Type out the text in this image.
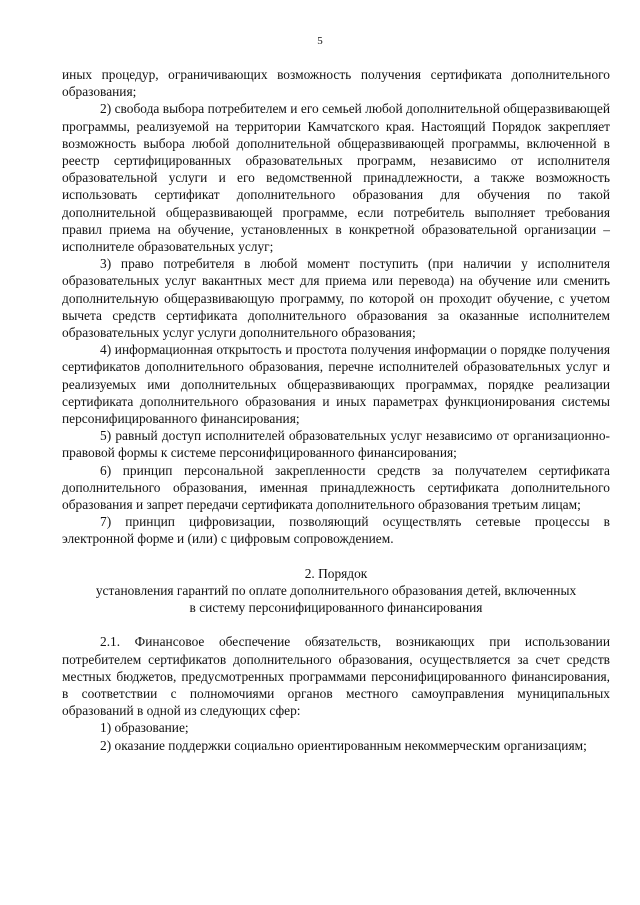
5

иных процедур, ограничивающих возможность получения сертификата дополнительного образования;

2) свобода выбора потребителем и его семьей любой дополнительной общеразвивающей программы, реализуемой на территории Камчатского края. Настоящий Порядок закрепляет возможность выбора любой дополнительной общеразвивающей программы, включенной в реестр сертифицированных образовательных программ, независимо от исполнителя образовательной услуги и его ведомственной принадлежности, а также возможность использовать сертификат дополнительного образования для обучения по такой дополнительной общеразвивающей программе, если потребитель выполняет требования правил приема на обучение, установленных в конкретной образовательной организации – исполнителе образовательных услуг;

3) право потребителя в любой момент поступить (при наличии у исполнителя образовательных услуг вакантных мест для приема или перевода) на обучение или сменить дополнительную общеразвивающую программу, по которой он проходит обучение, с учетом вычета средств сертификата дополнительного образования за оказанные исполнителем образовательных услуг услуги дополнительного образования;

4) информационная открытость и простота получения информации о порядке получения сертификатов дополнительного образования, перечне исполнителей образовательных услуг и реализуемых ими дополнительных общеразвивающих программах, порядке реализации сертификата дополнительного образования и иных параметрах функционирования системы персонифицированного финансирования;

5) равный доступ исполнителей образовательных услуг независимо от организационно-правовой формы к системе персонифицированного финансирования;

6) принцип персональной закрепленности средств за получателем сертификата дополнительного образования, именная принадлежность сертификата дополнительного образования и запрет передачи сертификата дополнительного образования третьим лицам;

7) принцип цифровизации, позволяющий осуществлять сетевые процессы в электронной форме и (или) с цифровым сопровождением.

2. Порядок

установления гарантий по оплате дополнительного образования детей, включенных

в систему персонифицированного финансирования

2.1. Финансовое обеспечение обязательств, возникающих при использовании потребителем сертификатов дополнительного образования, осуществляется за счет средств местных бюджетов, предусмотренных программами персонифицированного финансирования, в соответствии с полномочиями органов местного самоуправления муниципальных образований в одной из следующих сфер:

1) образование;

2) оказание поддержки социально ориентированным некоммерческим организациям;
